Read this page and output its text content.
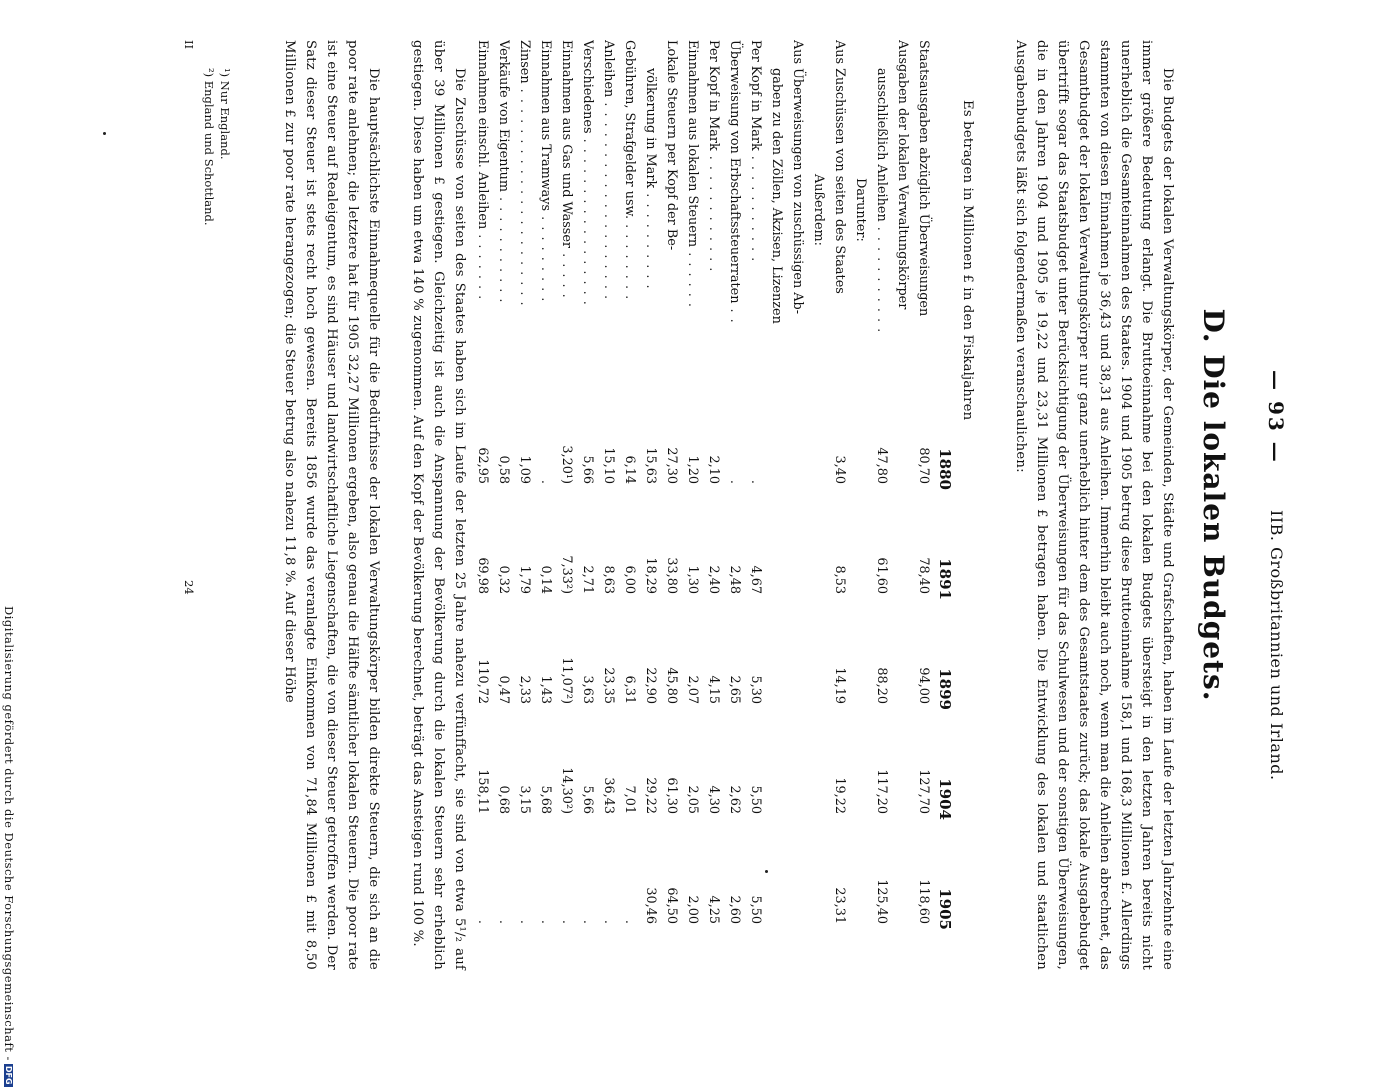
— 93 —
IIB. Großbritannien und Irland.
D. Die lokalen Budgets.
Die Budgets der lokalen Verwaltungskörper, der Gemeinden, Städte und Grafschaften, haben im Laufe der letzten Jahrzehnte eine immer größere Bedeutung erlangt. Die Bruttoeinnahme bei den lokalen Budgets übersteigt in den letzten Jahren bereits nicht unerheblich die Gesamteinnahmen des Staates. 1904 und 1905 betrug diese Bruttoeinnahme 158,1 und 168,3 Millionen £. Allerdings stammten von diesen Einnahmen je 36,43 und 38,31 aus Anleihen. Immerhin bleibt auch noch, wenn man die Anleihen abrechnet, das Gesamtbudget der lokalen Verwaltungskörper nur ganz unerheblich hinter dem des Gesamtstaates zurück; das lokale Ausgabebudget übertrifft sogar das Staatsbudget unter Berücksichtigung der Überweisungen für das Schulwesen und der sonstigen Überweisungen, die in den Jahren 1904 und 1905 je 19,22 und 23,31 Millionen £ betragen haben. Die Entwicklung des lokalen und staatlichen Ausgabenbudgets läßt sich folgendermaßen veranschaulichen:
Es betragen in Millionen £ in den Fiskaljahren
	1880	1891	1899	1904	1905
Staatsausgaben abzüglich Überweisungen	80,70	78,40	94,00	127,70	118,60
Ausgaben der lokalen Verwaltungskörper					
ausschließlich Anleihen . . . . . . . . . . .	47,80	61,60	88,20	117,20	125,40
Darunter:					
Aus Zuschüssen von seiten des Staates	3,40	8,53	14,19	19,22	23,31
Außerdem:					
Aus Überweisungen von zuschüssigen Ab-					
gaben zu den Zöllen, Akzisen, Lizenzen					
Per Kopf in Mark . . . . . . . . . . .	.	4,67	5,30	5,50	5,50
Überweisung von Erbschaftssteuerraten . .	.	2,48	2,65	2,62	2,60
Per Kopf in Mark . . . . . . . . . . . .	2,10	2,40	4,15	4,30	4,25
Einnahmen aus lokalen Steuern . . . . . .	1,20	1,30	2,07	2,05	2,00
Lokale Steuern per Kopf der Be-	27,30	33,80	45,80	61,30	64,50
völkerung in Mark . . . . . . . . . .	15,63	18,29	22,90	29,22	30,46
Gebühren, Strafgelder usw. . . . . . . . .	6,14	6,00	6,31	7,01	.
Anleihen . . . . . . . . . . . . . . . . . . . .	15,10	8,63	23,35	36,43	.
Verschiedenes . . . . . . . . . . . . . . . . .	5,66	2,71	3,63	5,66	.
Einnahmen aus Gas und Wasser . . . . .	3,20¹)	7,33²)	11,07²)	14,30²)	.
Einnahmen aus Tramways . . . . . . . . .	.	0,14	1,43	5,68	.
Zinsen . . . . . . . . . . . . . . . . . . . . . .	1,09	1,79	2,33	3,15	.
Verkäufe von Eigentum . . . . . . . . . . .	0,58	0,32	0,47	0,68	.
Einnahmen einschl. Anleihen . . . . . . .	62,95	69,98	110,72	158,11	.
Die Zuschüsse von seiten des Staates haben sich im Laufe der letzten 25 Jahre nahezu verfünffacht, sie sind von etwa 5¹/₂ auf über 39 Millionen £ gestiegen. Gleichzeitig ist auch die Anspannung der Bevölkerung durch die lokalen Steuern sehr erheblich gestiegen. Diese haben um etwa 140 % zugenommen. Auf den Kopf der Bevölkerung berechnet, beträgt das Ansteigen rund 100 %.
Die hauptsächlichste Einnahmequelle für die Bedürfnisse der lokalen Verwaltungskörper bilden direkte Steuern, die sich an die poor rate anlehnen; die letztere hat für 1905 32,27 Millionen ergeben, also genau die Hälfte sämtlicher lokalen Steuern. Die poor rate ist eine Steuer auf Realeigentum, es sind Häuser und landwirtschaftliche Liegenschaften, die von dieser Steuer getroffen werden. Der Satz dieser Steuer ist stets recht hoch gewesen. Bereits 1856 wurde das veranlagte Einkommen von 71,84 Millionen £ mit 8,50 Millionen £ zur poor rate herangezogen; die Steuer betrug also nahezu 11,8 %. Auf dieser Höhe
¹) Nur England.
²) England und Schottland.
II
24
Digitalisierung gefördert durch die Deutsche Forschungsgemeinschaft -
DFG
